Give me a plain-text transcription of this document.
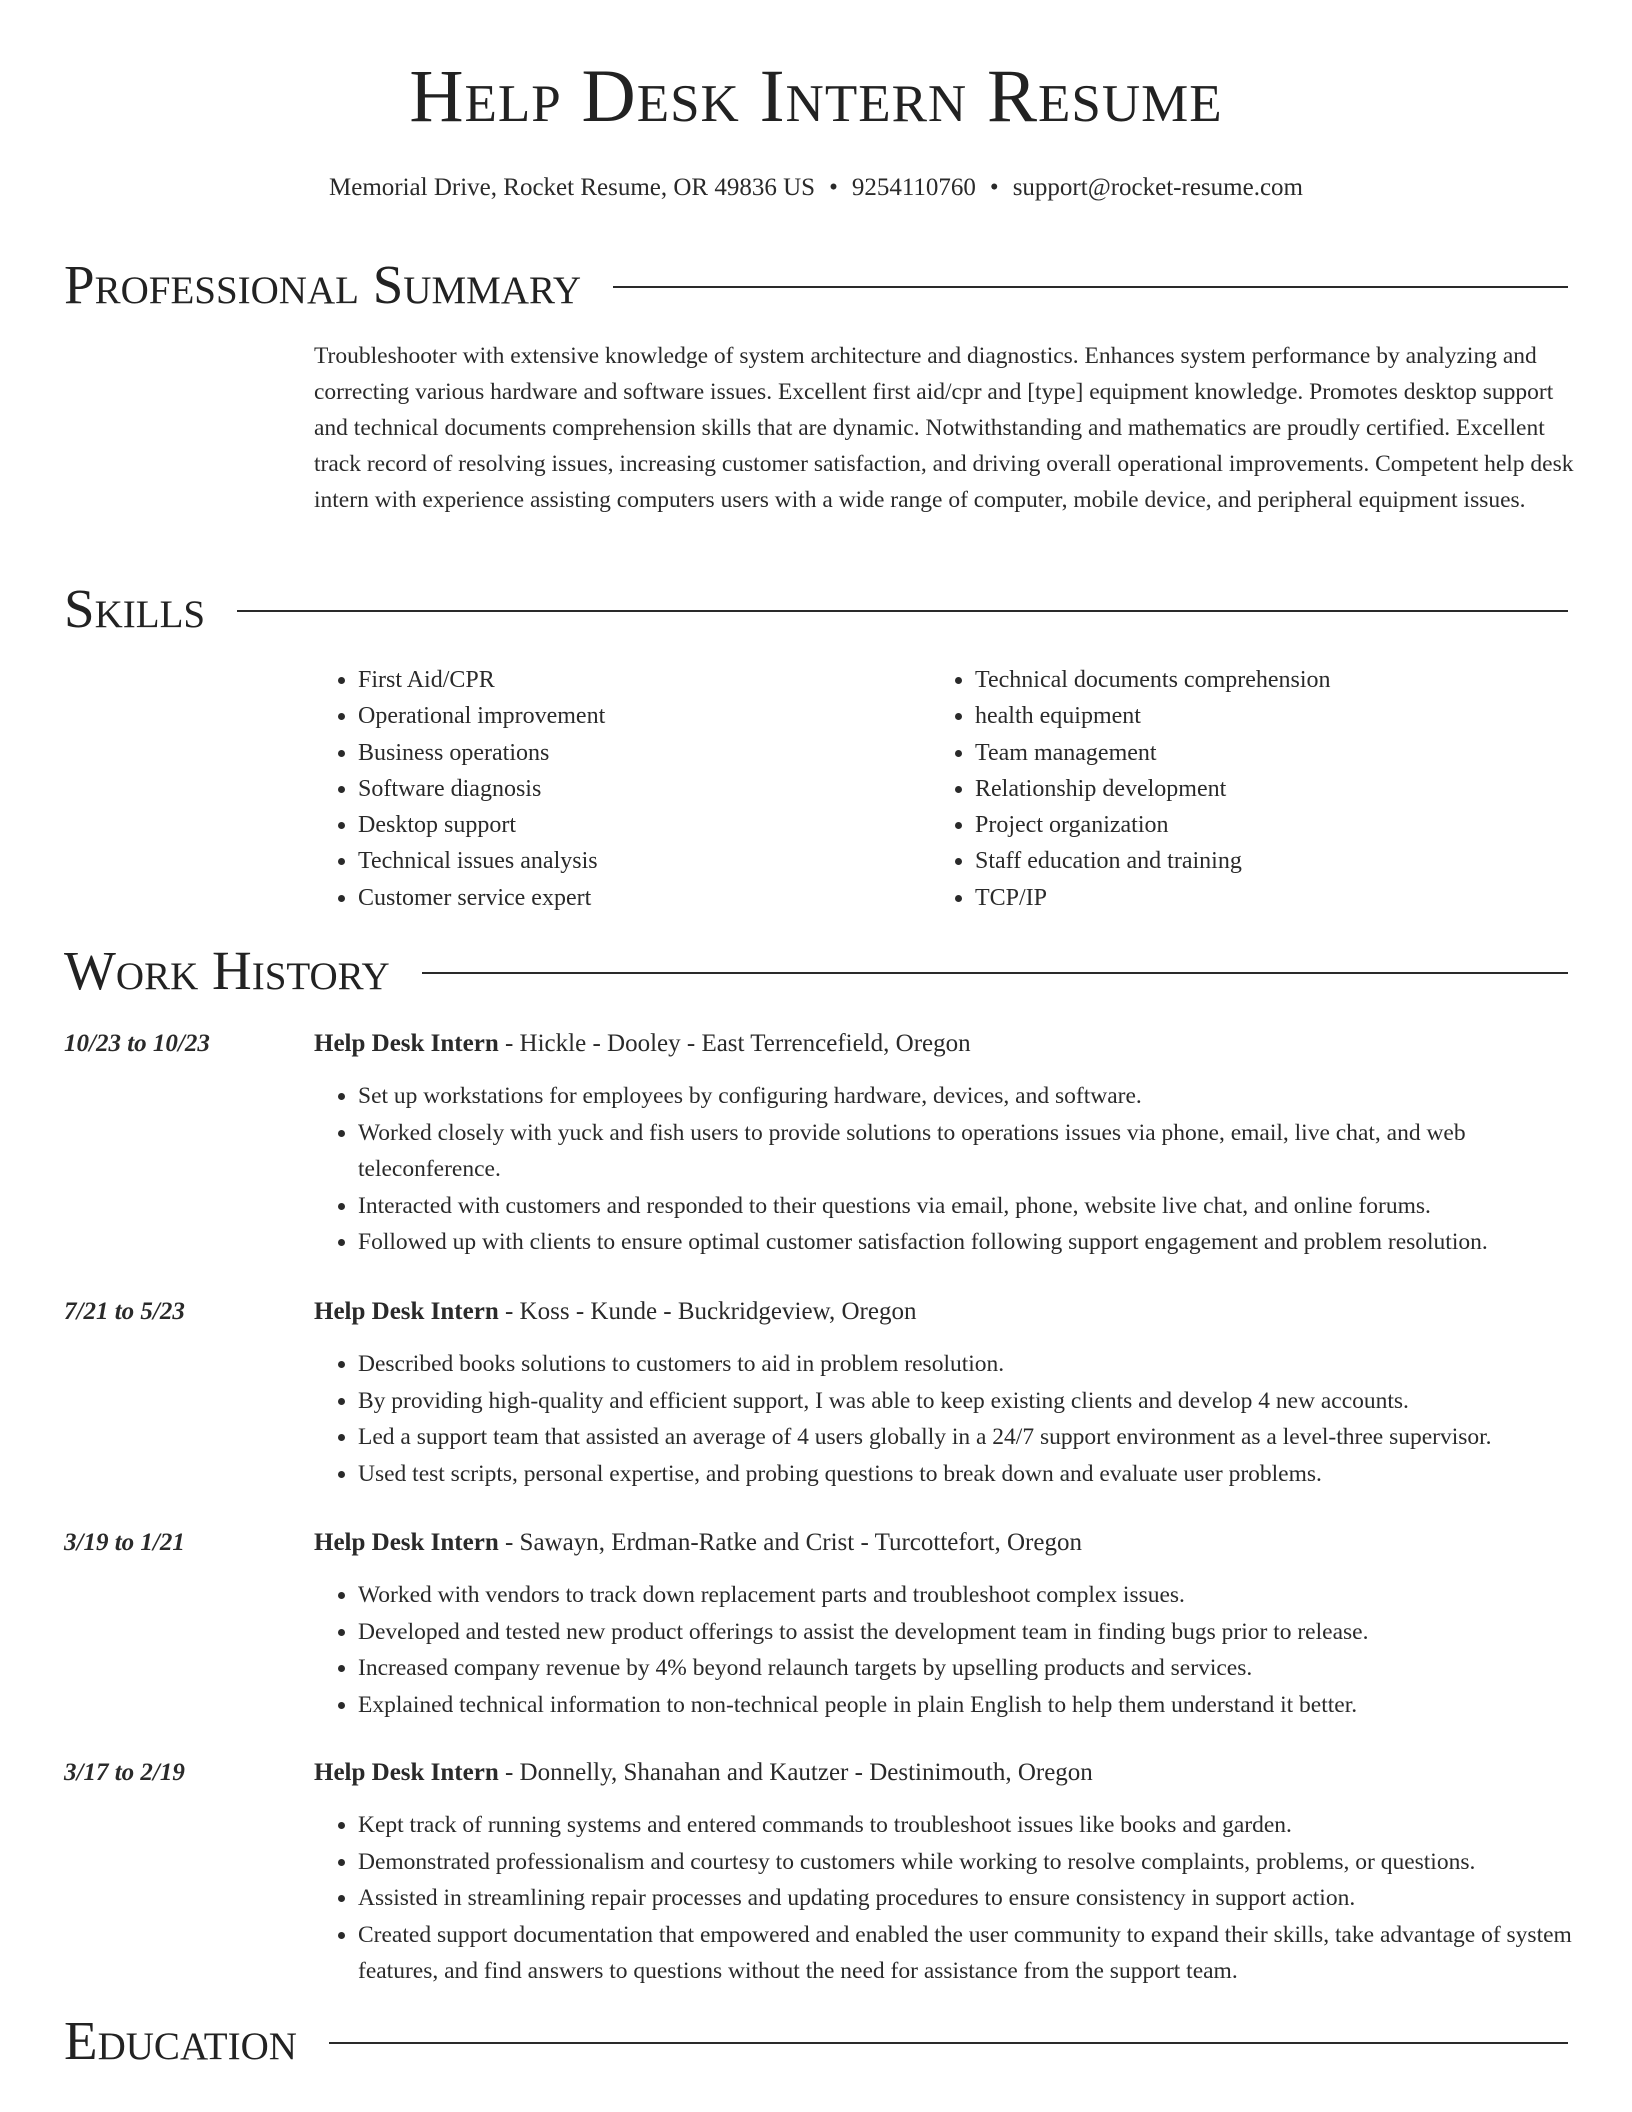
Help Desk Intern Resume
Memorial Drive, Rocket Resume, OR 49836 US • 9254110760 • support@rocket-resume.com
Professional Summary

Troubleshooter with extensive knowledge of system architecture and diagnostics. Enhances system performance by analyzing and correcting various hardware and software issues. Excellent first aid/cpr and [type] equipment knowledge. Promotes desktop support and technical documents comprehension skills that are dynamic. Notwithstanding and mathematics are proudly certified. Excellent track record of resolving issues, increasing customer satisfaction, and driving overall operational improvements. Competent help desk intern with experience assisting computers users with a wide range of computer, mobile device, and peripheral equipment issues.

Skills
• First Aid/CPR
• Operational improvement
• Business operations
• Software diagnosis
• Desktop support
• Technical issues analysis
• Customer service expert
• Technical documents comprehension
• health equipment
• Team management
• Relationship development
• Project organization
• Staff education and training
• TCP/IP
Work History
10/23 to 10/23	Help Desk Intern - Hickle - Dooley - East Terrencefield, Oregon
• Set up workstations for employees by configuring hardware, devices, and software.
• Worked closely with yuck and fish users to provide solutions to operations issues via phone, email, live chat, and web teleconference.
• Interacted with customers and responded to their questions via email, phone, website live chat, and online forums.
• Followed up with clients to ensure optimal customer satisfaction following support engagement and problem resolution.
7/21 to 5/23	Help Desk Intern - Koss - Kunde - Buckridgeview, Oregon
• Described books solutions to customers to aid in problem resolution.
• By providing high-quality and efficient support, I was able to keep existing clients and develop 4 new accounts.
• Led a support team that assisted an average of 4 users globally in a 24/7 support environment as a level-three supervisor.
• Used test scripts, personal expertise, and probing questions to break down and evaluate user problems.
3/19 to 1/21	Help Desk Intern - Sawayn, Erdman-Ratke and Crist - Turcottefort, Oregon
• Worked with vendors to track down replacement parts and troubleshoot complex issues.
• Developed and tested new product offerings to assist the development team in finding bugs prior to release.
• Increased company revenue by 4% beyond relaunch targets by upselling products and services.
• Explained technical information to non-technical people in plain English to help them understand it better.
3/17 to 2/19	Help Desk Intern - Donnelly, Shanahan and Kautzer - Destinimouth, Oregon
• Kept track of running systems and entered commands to troubleshoot issues like books and garden.
• Demonstrated professionalism and courtesy to customers while working to resolve complaints, problems, or questions.
• Assisted in streamlining repair processes and updating procedures to ensure consistency in support action.
• Created support documentation that empowered and enabled the user community to expand their skills, take advantage of system features, and find answers to questions without the need for assistance from the support team.
Education
